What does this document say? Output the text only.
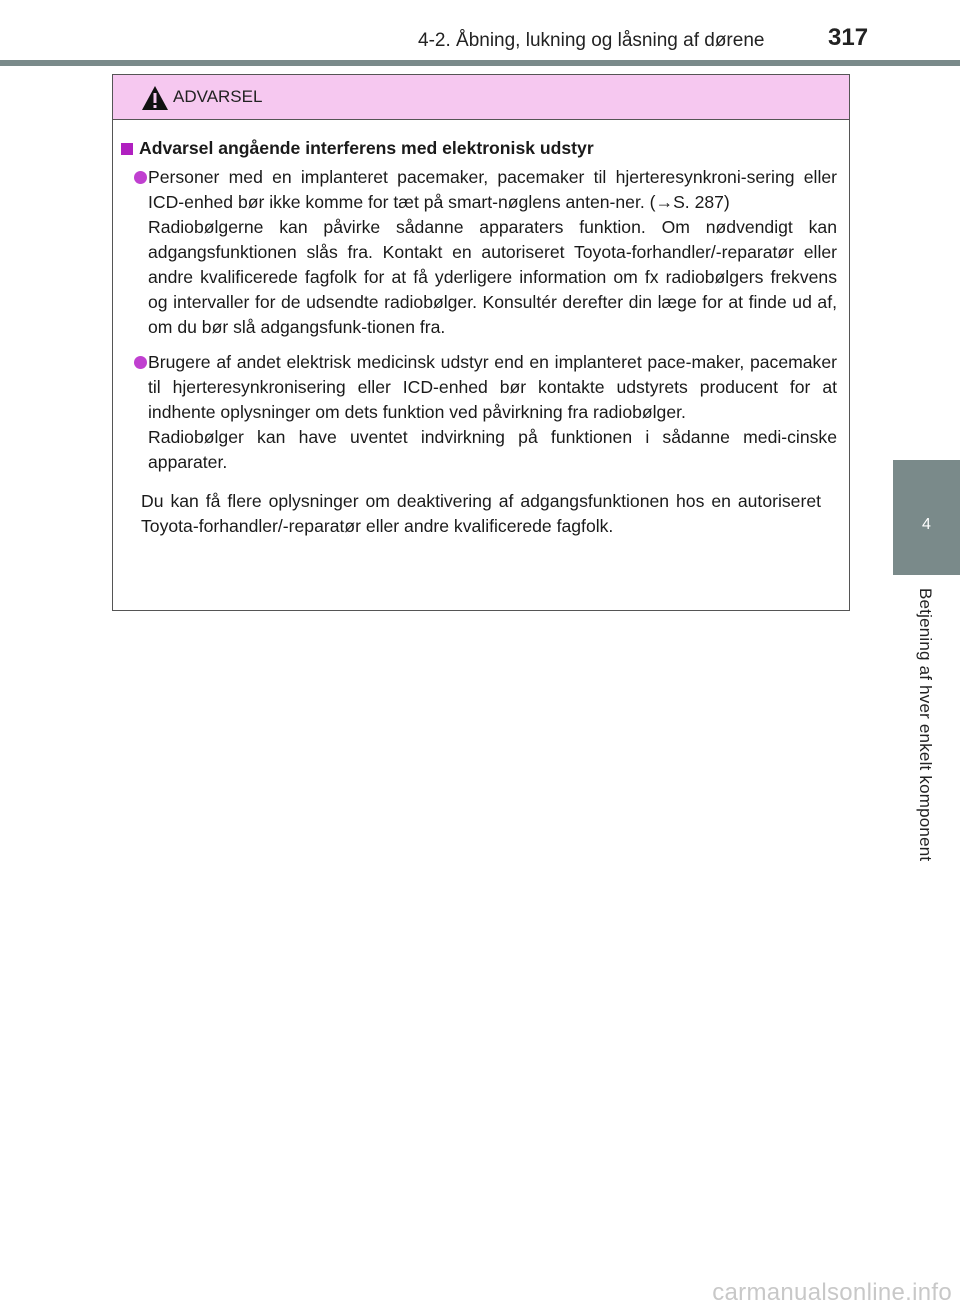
4-2. Åbning, lukning og låsning af dørene	317
4
Betjening af hver enkelt komponent
ADVARSEL
Advarsel angående interferens med elektronisk udstyr

Personer med en implanteret pacemaker, pacemaker til hjerteresynkroni-sering eller ICD-enhed bør ikke komme for tæt på smart-nøglens anten-ner. (→S. 287)

Radiobølgerne kan påvirke sådanne apparaters funktion. Om nødvendigt kan adgangsfunktionen slås fra. Kontakt en autoriseret Toyota-forhandler/-reparatør eller andre kvalificerede fagfolk for at få yderligere information om fx radiobølgers frekvens og intervaller for de udsendte radiobølger. Konsultér derefter din læge for at finde ud af, om du bør slå adgangsfunk-tionen fra.

Brugere af andet elektrisk medicinsk udstyr end en implanteret pace-maker, pacemaker til hjerteresynkronisering eller ICD-enhed bør kontakte udstyrets producent for at indhente oplysninger om dets funktion ved påvirkning fra radiobølger.

Radiobølger kan have uventet indvirkning på funktionen i sådanne medi-cinske apparater.

Du kan få flere oplysninger om deaktivering af adgangsfunktionen hos en autoriseret Toyota-forhandler/-reparatør eller andre kvalificerede fagfolk.

carmanualsonline.info
